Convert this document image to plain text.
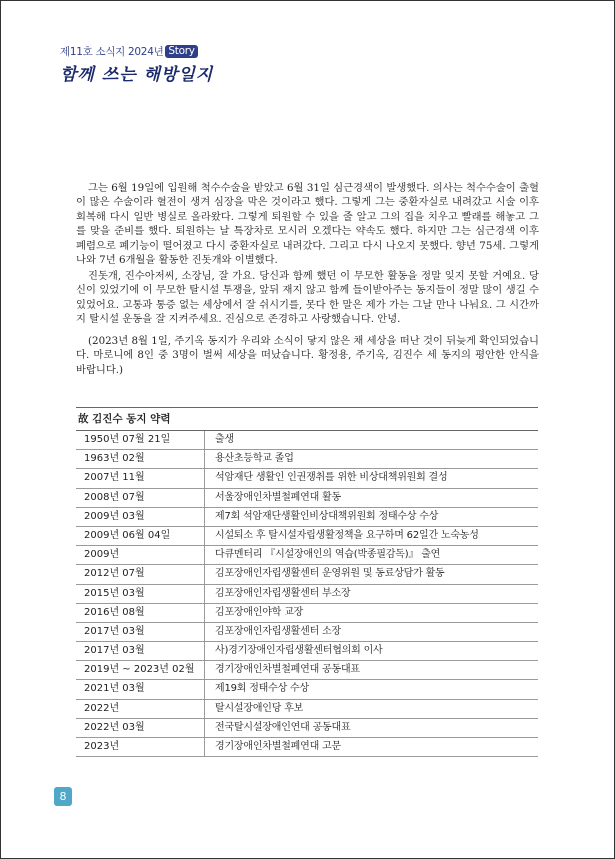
제11호 소식지 2024년 Story
함께 쓰는 해방일지

그는 6월 19일에 입원해 척수수술을 받았고 6월 31일 심근경색이 발생했다. 의사는 척수수술이 출혈이 많은 수술이라 혈전이 생겨 심장을 막은 것이라고 했다. 그렇게 그는 중환자실로 내려갔고 시술 이후 회복해 다시 일반 병실로 올라왔다. 그렇게 퇴원할 수 있을 줄 알고 그의 집을 치우고 빨래를 해놓고 그를 맞을 준비를 했다. 퇴원하는 날 특장차로 모시러 오겠다는 약속도 했다. 하지만 그는 심근경색 이후 폐렴으로 폐기능이 떨어졌고 다시 중환자실로 내려갔다. 그리고 다시 나오지 못했다. 향년 75세. 그렇게 나와 7년 6개월을 활동한 진돗개와 이별했다.

진돗개, 진수아저씨, 소장님, 잘 가요. 당신과 함께 했던 이 무모한 활동을 정말 잊지 못할 거예요. 당신이 있었기에 이 무모한 탈시설 투쟁을, 앞뒤 재지 않고 함께 들이받아주는 동지들이 정말 많이 생길 수 있었어요. 고통과 통증 없는 세상에서 잘 쉬시기를, 못다 한 말은 제가 가는 그날 만나 나눠요. 그 시간까지 탈시설 운동을 잘 지켜주세요. 진심으로 존경하고 사랑했습니다. 안녕.

(2023년 8월 1일, 주기옥 동지가 우리와 소식이 닿지 않은 채 세상을 떠난 것이 뒤늦게 확인되었습니다. 마로니에 8인 중 3명이 벌써 세상을 떠났습니다. 황정용, 주기옥, 김진수 세 동지의 평안한 안식을 바랍니다.)

故 김진수 동지 약력
1950년 07월 21일	출생
1963년 02월	용산초등학교 졸업
2007년 11월	석암재단 생활인 인권쟁취를 위한 비상대책위원회 결성
2008년 07월	서울장애인차별철폐연대 활동
2009년 03월	제7회 석암재단생활인비상대책위원회 정태수상 수상
2009년 06월 04일	시설퇴소 후 탈시설자립생활정책을 요구하며 62일간 노숙농성
2009년	다큐멘터리 『시설장애인의 역습(박종필감독)』 출연
2012년 07월	김포장애인자립생활센터 운영위원 및 동료상담가 활동
2015년 03월	김포장애인자립생활센터 부소장
2016년 08월	김포장애인야학 교장
2017년 03월	김포장애인자립생활센터 소장
2017년 03월	사)경기장애인자립생활센터협의회 이사
2019년 ~ 2023년 02월	경기장애인차별철폐연대 공동대표
2021년 03월	제19회 정태수상 수상
2022년	탈시설장애인당 후보
2022년 03월	전국탈시설장애인연대 공동대표
2023년	경기장애인차별철폐연대 고문
8
